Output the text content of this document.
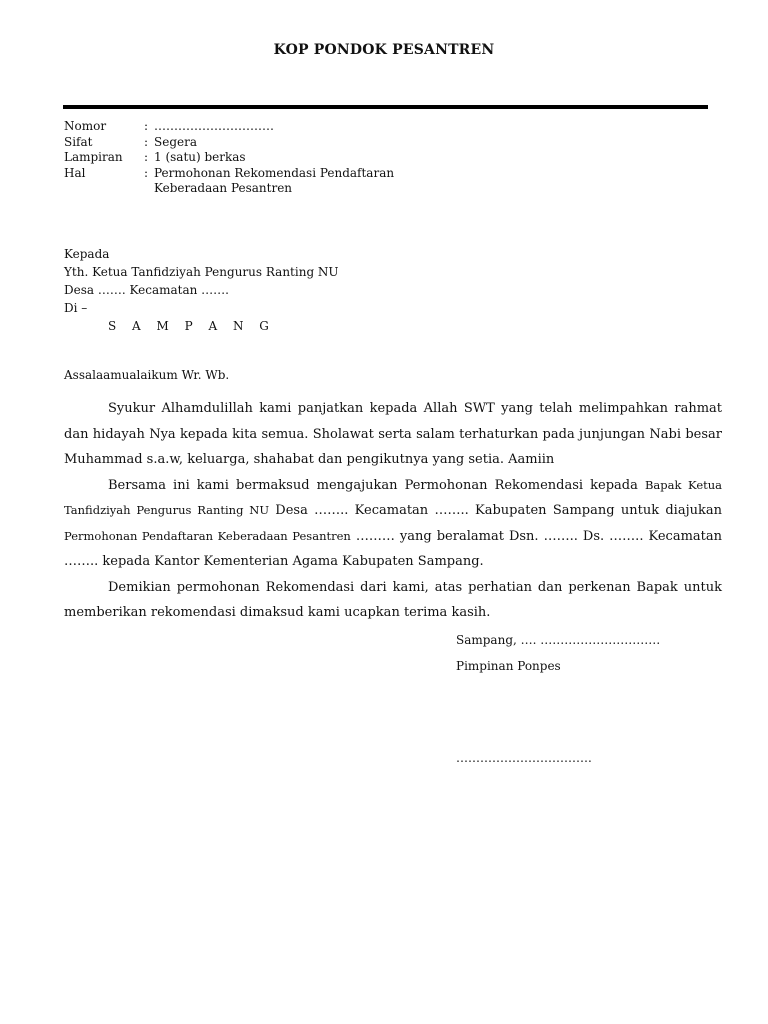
KOP PONDOK PESANTREN
Nomor	: …………………………
Sifat	: Segera
Lampiran	: 1 (satu) berkas
Hal	: Permohonan Rekomendasi Pendaftaran
Keberadaan Pesantren
Kepada
Yth. Ketua Tanfidziyah Pengurus Ranting NU
Desa ……. Kecamatan …….
Di –
S A M P A N G
Assalaamualaikum Wr. Wb.

Syukur Alhamdulillah kami panjatkan kepada Allah SWT yang telah melimpahkan rahmat dan hidayah Nya kepada kita semua. Sholawat serta salam terhaturkan pada junjungan Nabi besar Muhammad s.a.w, keluarga, shahabat dan pengikutnya yang setia. Aamiin

Bersama ini kami bermaksud mengajukan Permohonan Rekomendasi kepada Bapak Ketua Tanfidziyah Pengurus Ranting NU Desa …….. Kecamatan …….. Kabupaten Sampang untuk diajukan Permohonan Pendaftaran Keberadaan Pesantren ……… yang beralamat Dsn. …….. Ds. …….. Kecamatan …….. kepada Kantor Kementerian Agama Kabupaten Sampang.

Demikian permohonan Rekomendasi dari kami, atas perhatian dan perkenan Bapak untuk memberikan rekomendasi dimaksud kami ucapkan terima kasih.

Sampang, …. …………………………
Pimpinan Ponpes
…………………………….
